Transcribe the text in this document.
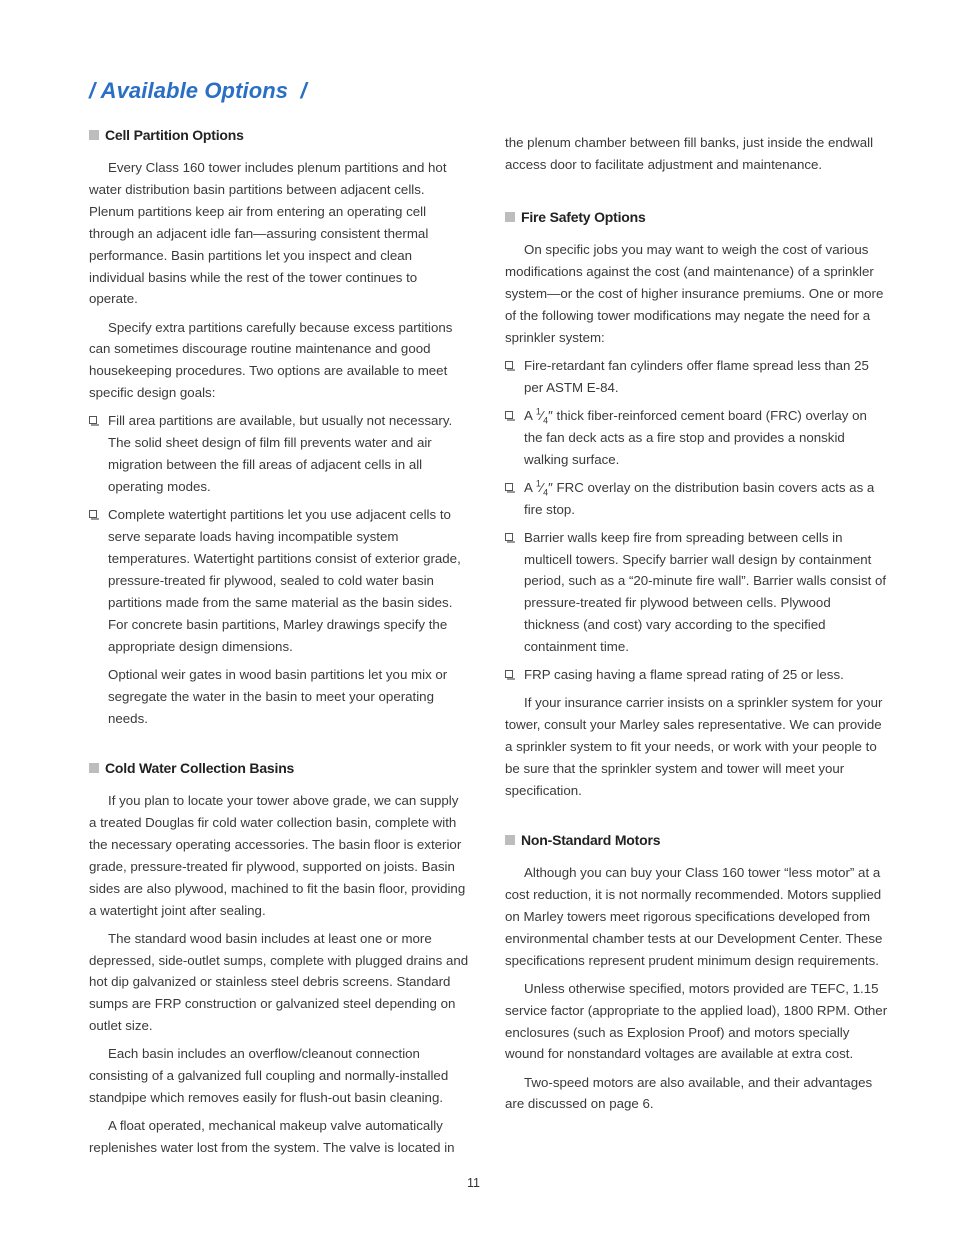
/ Available Options  /
Cell Partition Options

Every Class 160 tower includes plenum partitions and hot water distribution basin partitions between adjacent cells. Plenum partitions keep air from entering an operating cell through an adjacent idle fan—assuring consistent thermal performance. Basin partitions let you inspect and clean individual basins while the rest of the tower continues to operate.

Specify extra partitions carefully because excess partitions can sometimes discourage routine maintenance and good housekeeping procedures. Two options are available to meet specific design goals:

Fill area partitions are available, but usually not necessary. The solid sheet design of film fill prevents water and air migration between the fill areas of adjacent cells in all operating modes.
Complete watertight partitions let you use adjacent cells to serve separate loads having incompatible system temperatures. Watertight partitions consist of exterior grade, pressure-treated fir plywood, sealed to cold water basin partitions made from the same material as the basin sides. For concrete basin partitions, Marley drawings specify the appropriate design dimensions.

Optional weir gates in wood basin partitions let you mix or segregate the water in the basin to meet your operating needs.

Cold Water Collection Basins

If you plan to locate your tower above grade, we can supply a treated Douglas fir cold water collection basin, complete with the necessary operating accessories. The basin floor is exterior grade, pressure-treated fir plywood, supported on joists. Basin sides are also plywood, machined to fit the basin floor, providing a watertight joint after sealing.

The standard wood basin includes at least one or more depressed, side-outlet sumps, complete with plugged drains and hot dip galvanized or stainless steel debris screens. Standard sumps are FRP construction or galvanized steel depending on outlet size.

Each basin includes an overflow/cleanout connection consisting of a galvanized full coupling and normally-installed standpipe which removes easily for flush-out basin cleaning.

A float operated, mechanical makeup valve automatically replenishes water lost from the system. The valve is located in

the plenum chamber between fill banks, just inside the endwall access door to facilitate adjustment and maintenance.

Fire Safety Options

On specific jobs you may want to weigh the cost of various modifications against the cost (and maintenance) of a sprinkler system—or the cost of higher insurance premiums. One or more of the following tower modifications may negate the need for a sprinkler system:

Fire-retardant fan cylinders offer flame spread less than 25 per ASTM E-84.
A $^1⁄_4''$ thick fiber-reinforced cement board (FRC) overlay on the fan deck acts as a fire stop and provides a nonskid walking surface.
A $^1⁄_4''$ FRC overlay on the distribution basin covers acts as a fire stop.
Barrier walls keep fire from spreading between cells in multicell towers. Specify barrier wall design by containment period, such as a “20-minute fire wall”. Barrier walls consist of pressure-treated fir plywood between cells. Plywood thickness (and cost) vary according to the specified containment time.
FRP casing having a flame spread rating of 25 or less.

If your insurance carrier insists on a sprinkler system for your tower, consult your Marley sales representative. We can provide a sprinkler system to fit your needs, or work with your people to be sure that the sprinkler system and tower will meet your specification.

Non-Standard Motors

Although you can buy your Class 160 tower “less motor” at a cost reduction, it is not normally recommended. Motors supplied on Marley towers meet rigorous specifications developed from environmental chamber tests at our Development Center. These specifications represent prudent minimum design requirements.

Unless otherwise specified, motors provided are TEFC, 1.15 service factor (appropriate to the applied load), 1800 RPM. Other enclosures (such as Explosion Proof) and motors specially wound for nonstandard voltages are available at extra cost.

Two-speed motors are also available, and their advantages are discussed on page 6.

11
